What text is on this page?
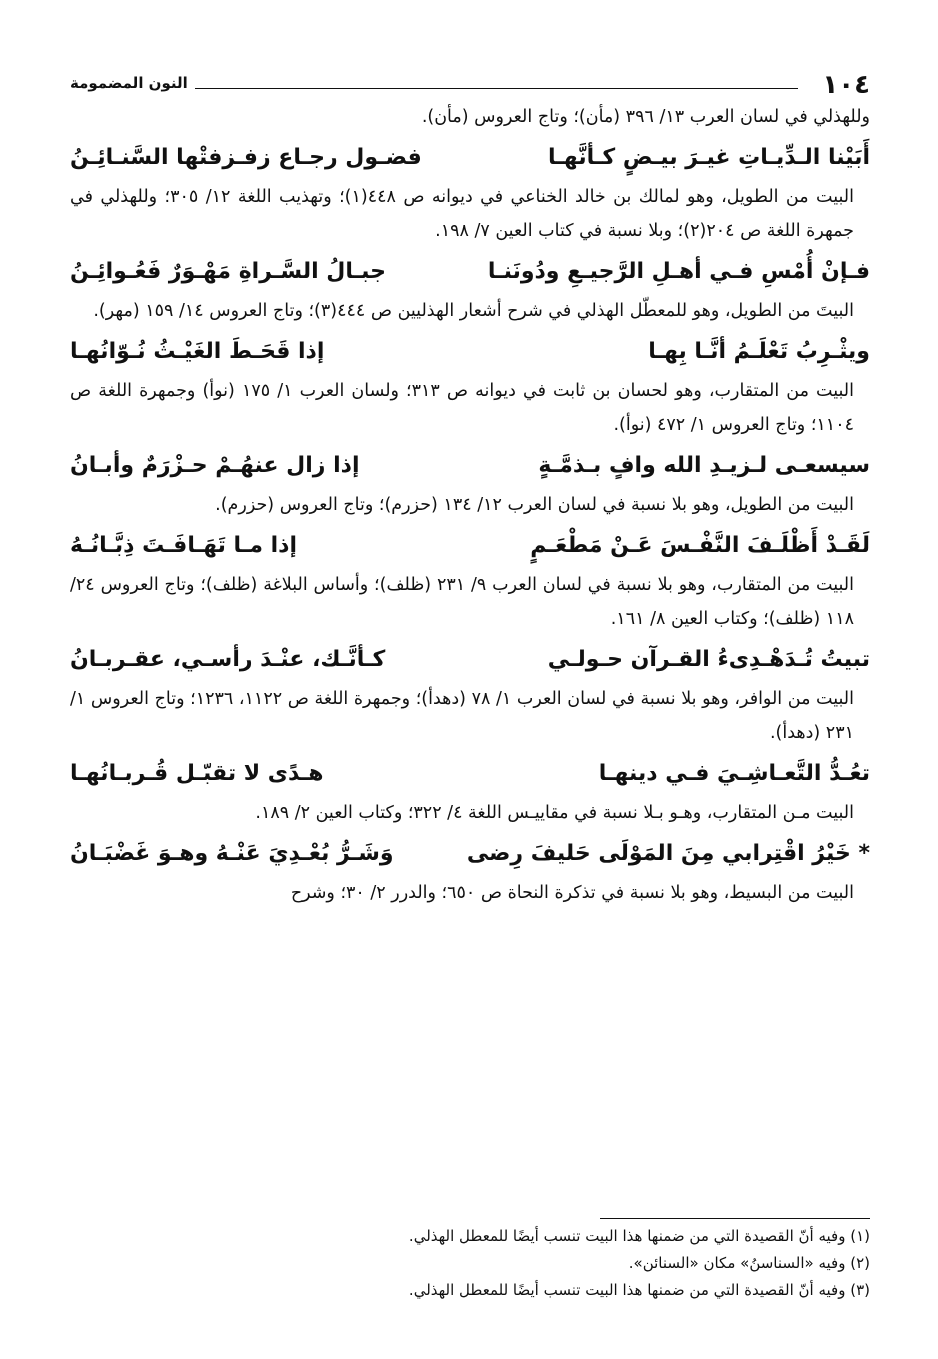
١٠٤
النون المضمومة

وللهذلي في لسان العرب ١٣/ ٣٩٦ (مأن)؛ وتاج العروس (مأن).

أَبَيْنا الـدِّيـاتِ غيـرَ بيـضٍ كـأنَّهـا
فضـول رجـاع زفـزفتْها السَّنـائِـنُ

البيت من الطويل، وهو لمالك بن خالد الخناعي في ديوانه ص ٤٤٨(١)؛ وتهذيب اللغة ١٢/ ٣٠٥؛ وللهذلي في جمهرة اللغة ص ٢٠٤(٢)؛ وبلا نسبة في كتاب العين ٧/ ١٩٨.

فـإنْ أُمْسِ فـي أهـلِ الرَّجيـعِ ودُونَنـا
جبـالُ السَّـراةِ مَهْـوَرٌ فَعُـوائِـنُ

البيتَ من الطويل، وهو للمعطّل الهذلي في شرح أشعار الهذليين ص ٤٤٤(٣)؛ وتاج العروس ١٤/ ١٥٩ (مهر).

ويثْـرِبُ تَعْلَـمُ أنَّـا بِهـا
إذا قَحَـطَ الغَيْـثُ نُـوّانُهـا

البيت من المتقارب، وهو لحسان بن ثابت في ديوانه ص ٣١٣؛ ولسان العرب ١/ ١٧٥ (نوأ) وجمهرة اللغة ص ١١٠٤؛ وتاج العروس ١/ ٤٧٢ (نوأ).

سيسعـى لـزيـدِ الله وافٍ بـذمَّـةٍ
إذا زال عنهُـمْ حـزْرَمٌ وأبـانُ

البيت من الطويل، وهو بلا نسبة في لسان العرب ١٢/ ١٣٤ (حزرم)؛ وتاج العروس (حزرم).

لَقَـدْ أَظْلَـفَ النَّفْـسَ عَـنْ مَطْعَـمٍ
إذا مـا تَهَـافَـتَ ذِبَّـانُـهُ

البيت من المتقارب، وهو بلا نسبة في لسان العرب ٩/ ٢٣١ (ظلف)؛ وأساس البلاغة (ظلف)؛ وتاج العروس ٢٤/ ١١٨ (ظلف)؛ وكتاب العين ٨/ ١٦١.

تبيتُ تُـدَهْـدِىءُ القـرآن حـولـي
كـأنَّـك، عنْـدَ رأسـي، عقـربـانُ

البيت من الوافر، وهو بلا نسبة في لسان العرب ١/ ٧٨ (دهدأ)؛ وجمهرة اللغة ص ١١٢٢، ١٢٣٦؛ وتاج العروس ١/ ٢٣١ (دهدأ).

تعُـدُّ التَّعـاشِـيَ فـي دينهـا
هـدًى لا تقبّـل قُـربـانُهـا

البيت مـن المتقارب، وهـو بـلا نسبة في مقاييـس اللغة ٤/ ٣٢٢؛ وكتاب العين ٢/ ١٨٩.

* خَيْرُ اقْتِرابي مِنَ المَوْلَى حَليفَ رِضى
وَشَـرُّ بُعْـدِيَ عَنْـهُ وهـوَ غَضْبَـانُ

البيت من البسيط، وهو بلا نسبة في تذكرة النحاة ص ٦٥٠؛ والدرر ٢/ ٣٠؛ وشرح

(١) وفيه أنّ القصيدة التي من ضمنها هذا البيت تنسب أيضًا للمعطل الهذلي.

(٢) وفيه «السناسنُ» مكان «السنائن».

(٣) وفيه أنّ القصيدة التي من ضمنها هذا البيت تنسب أيضًا للمعطل الهذلي.
